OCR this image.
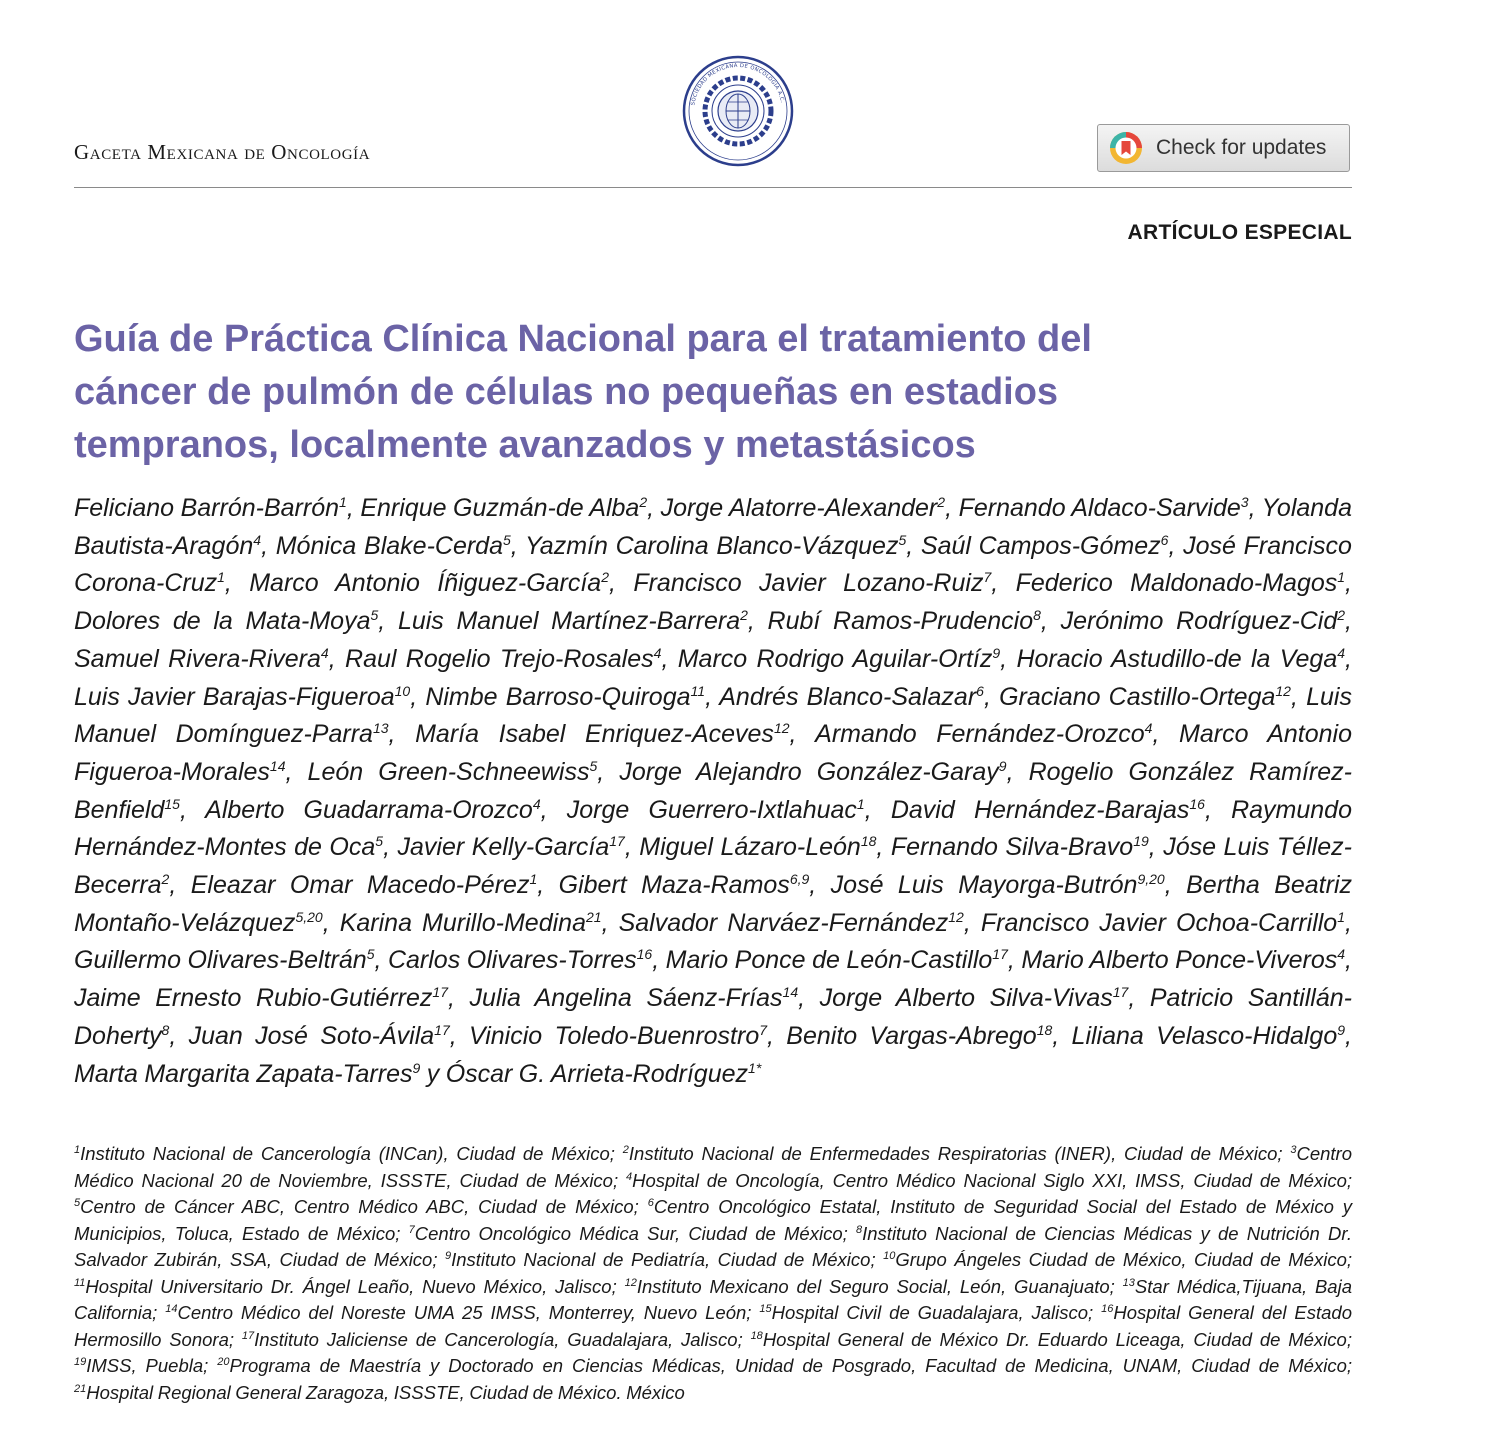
Gaceta Mexicana de Oncología
SOCIEDAD MEXICANA DE ONCOLOGÍA A.C.
Check for updates
ARTÍCULO ESPECIAL
Guía de Práctica Clínica Nacional para el tratamiento del
cáncer de pulmón de células no pequeñas en estadios
tempranos, localmente avanzados y metastásicos

Feliciano Barrón-Barrón$^1$, Enrique Guzmán-de Alba$^2$, Jorge Alatorre-Alexander$^2$, Fernando Aldaco-Sarvide$^3$, Yolanda Bautista-Aragón$^4$, Mónica Blake-Cerda$^5$, Yazmín Carolina Blanco-Vázquez$^5$, Saúl Campos-Gómez$^6$, José Francisco Corona-Cruz$^1$, Marco Antonio Íñiguez-García$^2$, Francisco Javier Lozano-Ruiz$^7$, Federico Maldonado-Magos$^1$, Dolores de la Mata-Moya$^5$, Luis Manuel Martínez-Barrera$^2$, Rubí Ramos-Prudencio$^8$, Jerónimo Rodríguez-Cid$^2$, Samuel Rivera-Rivera$^4$, Raul Rogelio Trejo-Rosales$^4$, Marco Rodrigo Aguilar-Ortíz$^9$, Horacio Astudillo-de la Vega$^4$, Luis Javier Barajas-Figueroa$^{10}$, Nimbe Barroso-Quiroga$^{11}$, Andrés Blanco-Salazar$^6$, Graciano Castillo-Ortega$^{12}$, Luis Manuel Domínguez-Parra$^{13}$, María Isabel Enriquez-Aceves$^{12}$, Armando Fernández-Orozco$^4$, Marco Antonio Figueroa-Morales$^{14}$, León Green-Schneewiss$^5$, Jorge Alejandro González-Garay$^9$, Rogelio González Ramírez-Benfield$^{15}$, Alberto Guadarrama-Orozco$^4$, Jorge Guerrero-Ixtlahuac$^1$, David Hernández-Barajas$^{16}$, Raymundo Hernández-Montes de Oca$^5$, Javier Kelly-García$^{17}$, Miguel Lázaro-León$^{18}$, Fernando Silva-Bravo$^{19}$, Jóse Luis Téllez-Becerra$^2$, Eleazar Omar Macedo-Pérez$^1$, Gibert Maza-Ramos$^{6,9}$, José Luis Mayorga-Butrón$^{9,20}$, Bertha Beatriz Montaño-Velázquez$^{5,20}$, Karina Murillo-Medina$^{21}$, Salvador Narváez-Fernández$^{12}$, Francisco Javier Ochoa-Carrillo$^1$, Guillermo Olivares-Beltrán$^5$, Carlos Olivares-Torres$^{16}$, Mario Ponce de León-Castillo$^{17}$, Mario Alberto Ponce-Viveros$^4$, Jaime Ernesto Rubio-Gutiérrez$^{17}$, Julia Angelina Sáenz-Frías$^{14}$, Jorge Alberto Silva-Vivas$^{17}$, Patricio Santillán-Doherty$^8$, Juan José Soto-Ávila$^{17}$, Vinicio Toledo-Buenrostro$^7$, Benito Vargas-Abrego$^{18}$, Liliana Velasco-Hidalgo$^9$, Marta Margarita Zapata-Tarres$^9$ y Óscar G. Arrieta-Rodríguez$^{1*}$

$^1$Instituto Nacional de Cancerología (INCan), Ciudad de México; $^2$Instituto Nacional de Enfermedades Respiratorias (INER), Ciudad de México; $^3$Centro Médico Nacional 20 de Noviembre, ISSSTE, Ciudad de México; $^4$Hospital de Oncología, Centro Médico Nacional Siglo XXI, IMSS, Ciudad de México; $^5$Centro de Cáncer ABC, Centro Médico ABC, Ciudad de México; $^6$Centro Oncológico Estatal, Instituto de Seguridad Social del Estado de México y Municipios, Toluca, Estado de México; $^7$Centro Oncológico Médica Sur, Ciudad de México; $^8$Instituto Nacional de Ciencias Médicas y de Nutrición Dr. Salvador Zubirán, SSA, Ciudad de México; $^9$Instituto Nacional de Pediatría, Ciudad de México; $^{10}$Grupo Ángeles Ciudad de México, Ciudad de México; $^{11}$Hospital Universitario Dr. Ángel Leaño, Nuevo México, Jalisco; $^{12}$Instituto Mexicano del Seguro Social, León, Guanajuato; $^{13}$Star Médica,Tijuana, Baja California; $^{14}$Centro Médico del Noreste UMA 25 IMSS, Monterrey, Nuevo León; $^{15}$Hospital Civil de Guadalajara, Jalisco; $^{16}$Hospital General del Estado Hermosillo Sonora; $^{17}$Instituto Jaliciense de Cancerología, Guadalajara, Jalisco; $^{18}$Hospital General de México Dr. Eduardo Liceaga, Ciudad de México; $^{19}$IMSS, Puebla; $^{20}$Programa de Maestría y Doctorado en Ciencias Médicas, Unidad de Posgrado, Facultad de Medicina, UNAM, Ciudad de México; $^{21}$Hospital Regional General Zaragoza, ISSSTE, Ciudad de México. México
